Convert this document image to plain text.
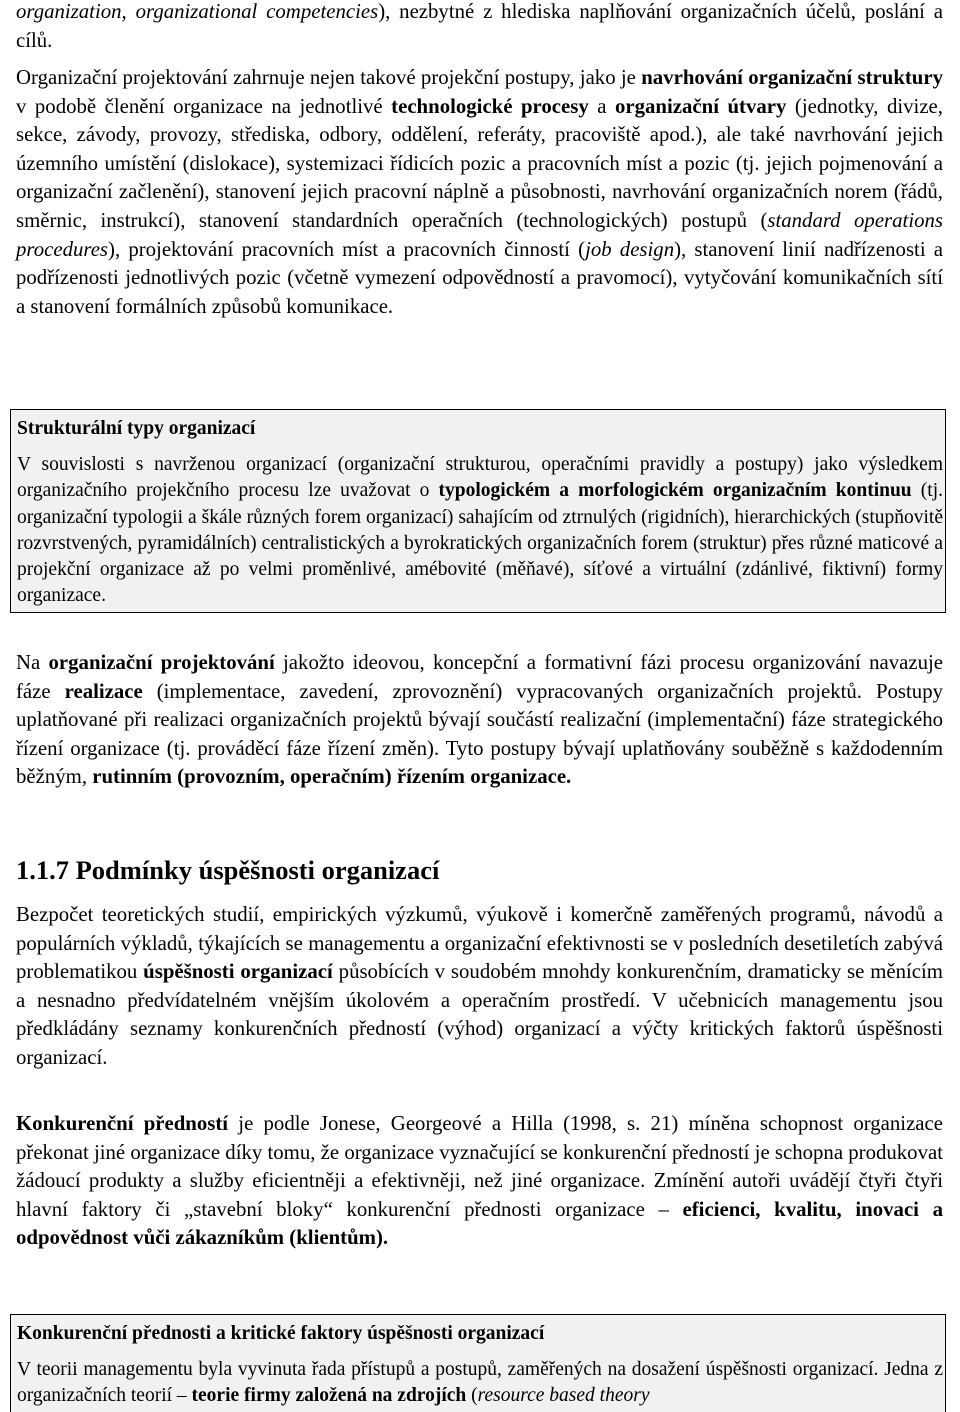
organization, organizational competencies), nezbytné z hlediska naplňování organizačních účelů, poslání a cílů.

Organizační projektování zahrnuje nejen takové projekční postupy, jako je navrhování organizační struktury v podobě členění organizace na jednotlivé technologické procesy a organizační útvary (jednotky, divize, sekce, závody, provozy, střediska, odbory, oddělení, referáty, pracoviště apod.), ale také navrhování jejich územního umístění (dislokace), systemizaci řídicích pozic a pracovních míst a pozic (tj. jejich pojmenování a organizační začlenění), stanovení jejich pracovní náplně a působnosti, navrhování organizačních norem (řádů, směrnic, instrukcí), stanovení standardních operačních (technologických) postupů (standard operations procedures), projektování pracovních míst a pracovních činností (job design), stanovení linií nadřízenosti a podřízenosti jednotlivých pozic (včetně vymezení odpovědností a pravomocí), vytyčování komunikačních sítí a stanovení formálních způsobů komunikace.

Strukturální typy organizací

V souvislosti s navrženou organizací (organizační strukturou, operačními pravidly a postupy) jako výsledkem organizačního projekčního procesu lze uvažovat o typologickém a morfologickém organizačním kontinuu (tj. organizační typologii a škále různých forem organizací) sahajícím od ztrnulých (rigidních), hierarchických (stupňovitě rozvrstvených, pyramidálních) centralistických a byrokratických organizačních forem (struktur) přes různé maticové a projekční organizace až po velmi proměnlivé, amébovité (měňavé), síťové a virtuální (zdánlivé, fiktivní) formy organizace.

Na organizační projektování jakožto ideovou, koncepční a formativní fázi procesu organizování navazuje fáze realizace (implementace, zavedení, zprovoznění) vypracovaných organizačních projektů. Postupy uplatňované při realizaci organizačních projektů bývají součástí realizační (implementační) fáze strategického řízení organizace (tj. prováděcí fáze řízení změn). Tyto postupy bývají uplatňovány souběžně s každodenním běžným, rutinním (provozním, operačním) řízením organizace.

1.1.7 Podmínky úspěšnosti organizací

Bezpočet teoretických studií, empirických výzkumů, výukově i komerčně zaměřených programů, návodů a populárních výkladů, týkajících se managementu a organizační efektivnosti se v posledních desetiletích zabývá problematikou úspěšnosti organizací působících v soudobém mnohdy konkurenčním, dramaticky se měnícím a nesnadno předvídatelném vnějším úkolovém a operačním prostředí. V učebnicích managementu jsou předkládány seznamy konkurenčních předností (výhod) organizací a výčty kritických faktorů úspěšnosti organizací.

Konkurenční předností je podle Jonese, Georgeové a Hilla (1998, s. 21) míněna schopnost organizace překonat jiné organizace díky tomu, že organizace vyznačující se konkurenční předností je schopna produkovat žádoucí produkty a služby eficientněji a efektivněji, než jiné organizace. Zmínění autoři uvádějí čtyři čtyři hlavní faktory či „stavební bloky“ konkurenční přednosti organizace – eficienci, kvalitu, inovaci a odpovědnost vůči zákazníkům (klientům).

Konkurenční přednosti a kritické faktory úspěšnosti organizací

V teorii managementu byla vyvinuta řada přístupů a postupů, zaměřených na dosažení úspěšnosti organizací. Jedna z organizačních teorií – teorie firmy založená na zdrojích (resource based theory
